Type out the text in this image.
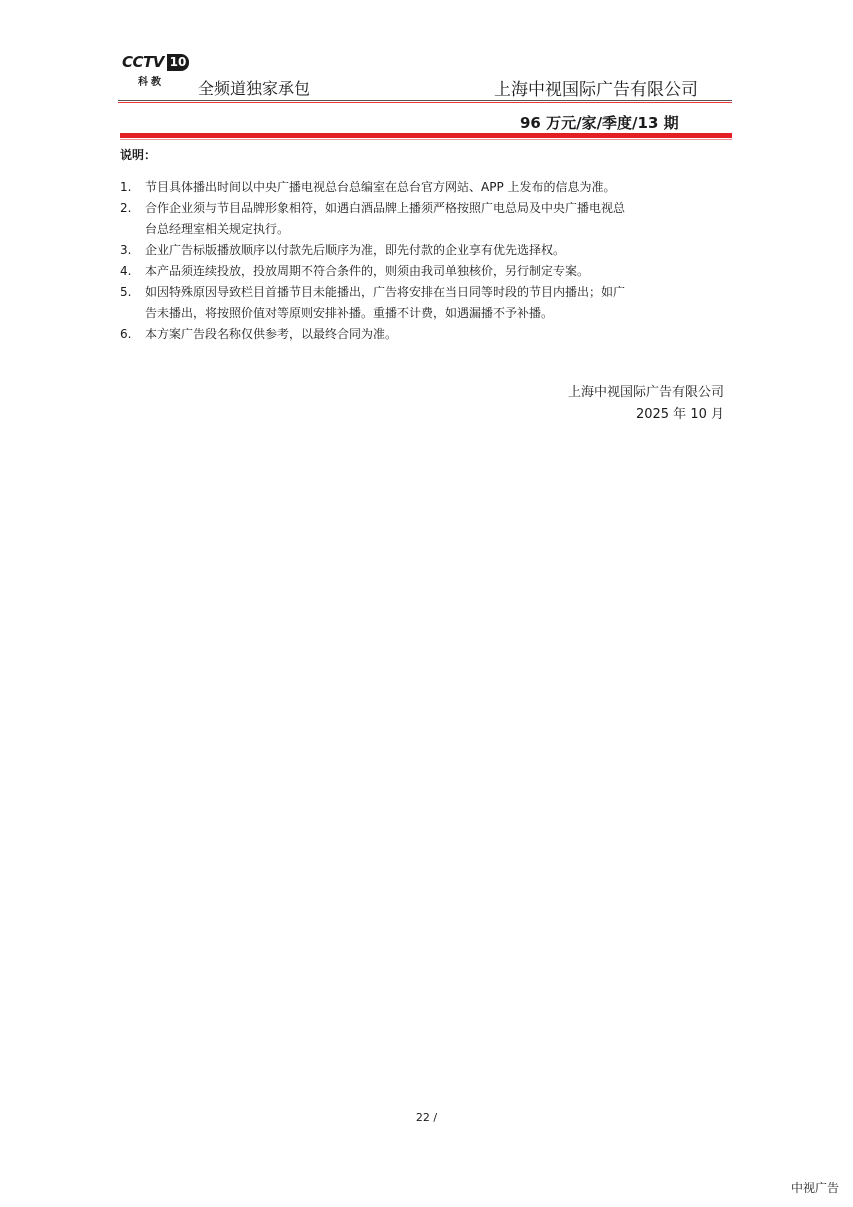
CCTV 10
科教 全频道独家承包	上海中视国际广告有限公司
96 万元/家/季度/13 期
说明：
1. 节目具体播出时间以中央广播电视总台总编室在总台官方网站、APP 上发布的信息为准。
2. 合作企业须与节目品牌形象相符，如遇白酒品牌上播须严格按照广电总局及中央广播电视总
台总经理室相关规定执行。
3. 企业广告标版播放顺序以付款先后顺序为准，即先付款的企业享有优先选择权。
4. 本产品须连续投放，投放周期不符合条件的，则须由我司单独核价，另行制定专案。
5. 如因特殊原因导致栏目首播节目未能播出，广告将安排在当日同等时段的节目内播出；如广
告未播出，将按照价值对等原则安排补播。重播不计费，如遇漏播不予补播。
6. 本方案广告段名称仅供参考，以最终合同为准。
上海中视国际广告有限公司
2025 年 10 月
22 /
中视广告
